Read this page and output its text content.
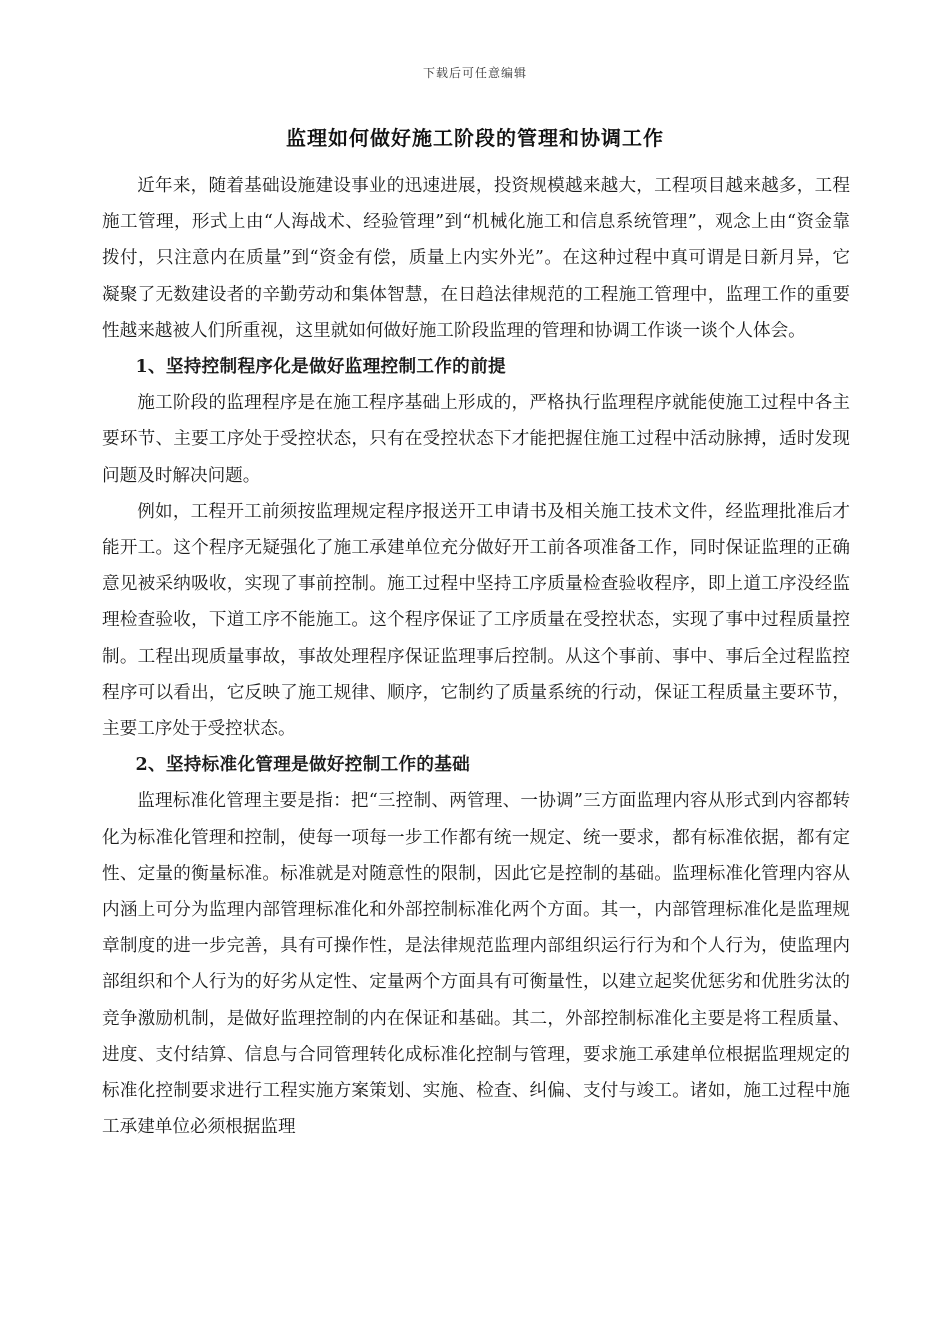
下载后可任意编辑
监理如何做好施工阶段的管理和协调工作

近年来，随着基础设施建设事业的迅速进展，投资规模越来越大，工程项目越来越多，工程施工管理，形式上由“人海战术、经验管理”到“机械化施工和信息系统管理”，观念上由“资金靠拨付，只注意内在质量”到“资金有偿，质量上内实外光”。在这种过程中真可谓是日新月异，它凝聚了无数建设者的辛勤劳动和集体智慧，在日趋法律规范的工程施工管理中，监理工作的重要性越来越被人们所重视，这里就如何做好施工阶段监理的管理和协调工作谈一谈个人体会。

1、坚持控制程序化是做好监理控制工作的前提

施工阶段的监理程序是在施工程序基础上形成的，严格执行监理程序就能使施工过程中各主要环节、主要工序处于受控状态，只有在受控状态下才能把握住施工过程中活动脉搏，适时发现问题及时解决问题。

例如，工程开工前须按监理规定程序报送开工申请书及相关施工技术文件，经监理批准后才能开工。这个程序无疑强化了施工承建单位充分做好开工前各项准备工作，同时保证监理的正确意见被采纳吸收，实现了事前控制。施工过程中坚持工序质量检查验收程序，即上道工序没经监理检查验收，下道工序不能施工。这个程序保证了工序质量在受控状态，实现了事中过程质量控制。工程出现质量事故，事故处理程序保证监理事后控制。从这个事前、事中、事后全过程监控程序可以看出，它反映了施工规律、顺序，它制约了质量系统的行动，保证工程质量主要环节，主要工序处于受控状态。

2、坚持标准化管理是做好控制工作的基础

监理标准化管理主要是指：把“三控制、两管理、一协调”三方面监理内容从形式到内容都转化为标准化管理和控制，使每一项每一步工作都有统一规定、统一要求，都有标准依据，都有定性、定量的衡量标准。标准就是对随意性的限制，因此它是控制的基础。监理标准化管理内容从内涵上可分为监理内部管理标准化和外部控制标准化两个方面。其一，内部管理标准化是监理规章制度的进一步完善，具有可操作性，是法律规范监理内部组织运行行为和个人行为，使监理内部组织和个人行为的好劣从定性、定量两个方面具有可衡量性，以建立起奖优惩劣和优胜劣汰的竞争激励机制，是做好监理控制的内在保证和基础。其二，外部控制标准化主要是将工程质量、进度、支付结算、信息与合同管理转化成标准化控制与管理，要求施工承建单位根据监理规定的标准化控制要求进行工程实施方案策划、实施、检查、纠偏、支付与竣工。诸如，施工过程中施工承建单位必须根据监理
